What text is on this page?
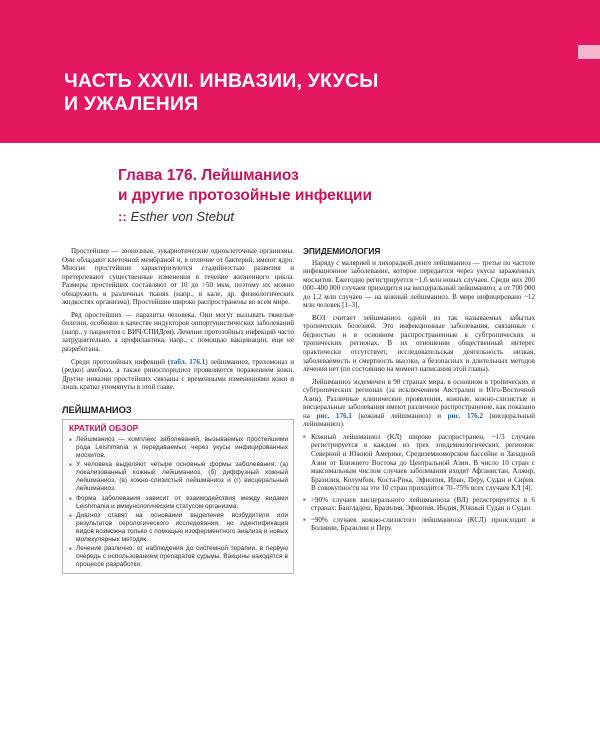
ЧАСТЬ XXVII. ИНВАЗИИ, УКУСЫ
И УЖАЛЕНИЯ
Глава 176. Лейшманиоз
и другие протозойные инфекции
:: Esther von Stebut

Простейшие — зоонозные, эукариотические одноклеточные организмы. Они обладают клеточной мембраной и, в отличие от бактерий, имеют ядро. Многие простейшие характеризуются стадийностью развития и претерпевают существенные изменения в течение жизненного цикла. Размеры простейших составляют от 10 до >50 мкм, поэтому их можно обнаружить в различных тканях (напр., в кале, др. физиологических жидкостях организма). Простейшие широко распространены во всем мире.

Ряд простейших — паразиты человека. Они могут вызывать тяжелые болезни, особенно в качестве индукторов оппортунистических заболеваний (напр., у пациентов с ВИЧ/СПИДом). Лечение протозойных инфекций часто затруднительно, а профилактика, напр., с помощью вакцинации, еще не разработана.

Среди протозойных инфекций (табл. 176.1) лейшманиоз, трихомоназ и (редко) амебиаз, а также риноспоридиоз проявляются поражением кожи. Другие инвазии простейших связаны с временными изменениями кожи и лишь кратко упомянуты в этой главе.

ЛЕЙШМАНИОЗ
КРАТКИЙ ОБЗОР
■ Лейшманиоз — комплекс заболеваний, вызываемых простейшими рода Leishmania и передаваемых через укусы инфицированных москитов.
■ У человека выделяют четыре основные формы заболевания: (а) локализованный кожный лейшманиоз, (б) диффузный кожный лейшманиоз, (в) кожно-слизистый лейшманиоз и (г) висцеральный лейшманиоз.
■ Форма заболевания зависит от взаимодействия между видами Leishmania и иммунологическим статусом организма.
■ Диагноз ставят на основании выделения возбудителя или результатов серологического исследования, но идентификация видов возможна только с помощью изоферментного анализа и новых молекулярных методик.
■ Лечение различно: от наблюдения до системной терапии, в первую очередь с использованием препаратов сурьмы. Вакцины находятся в процессе разработки.
ЭПИДЕМИОЛОГИЯ

Наряду с малярией и лихорадкой денге лейшманиоз — третье по частоте инфекционное заболевание, которое передается через укусы зараженных москитов. Ежегодно регистрируется ~1,6 млн новых случаев. Среди них 200 000–400 000 случаев приходится на висцеральный лейшманиоз, а от 700 000 до 1,2 млн случаев — на кожный лейшманиоз. В мире инфицировано ~12 млн человек [1–3].

ВОЗ считает лейшманиоз одной из так называемых забытых тропических болезней. Это инфекционные заболевания, связанные с бедностью и в основном распространенные в субтропических и тропических регионах. В их отношении общественный интерес практически отсутствует, исследовательская деятельность низкая, заболеваемость и смертность высоки, а безопасных и длительных методов лечения нет (по состоянию на момент написания этой главы).

Лейшманиоз эндемичен в 90 странах мира, в основном в тропических и субтропических регионах (за исключением Австралии и Юго-Восточной Азии). Различные клинические проявления, кожные, кожно-слизистые и висцеральные заболевания имеют различное распространение, как показано на рис. 176.1 (кожный лейшманиоз) и рис. 176.2 (висцеральный лейшманиоз).

■ Кожный лейшманиоз (КЛ) широко распространен, ~1/3 случаев регистрируется в каждом из трех эпидемиологических регионов: Северной и Южной Америке, Средиземноморском бассейне и Западной Азии от Ближнего Востока до Центральной Азии. В число 10 стран с максимальным числом случаев заболевания входят Афганистан, Алжир, Бразилия, Колумбия, Коста-Рика, Эфиопия, Иран, Перу, Судан и Сирия. В совокупности на эти 10 стран приходится 70–75% всех случаев КЛ [4].
■ >90% случаев висцерального лейшманиоза (ВЛ) регистрируется в 6 странах: Бангладеш, Бразилия, Эфиопия, Индия, Южный Судан и Судан.
■ ~90% случаев кожно-слизистого лейшманиоза (КСЛ) происходит в Боливии, Бразилии и Перу.
